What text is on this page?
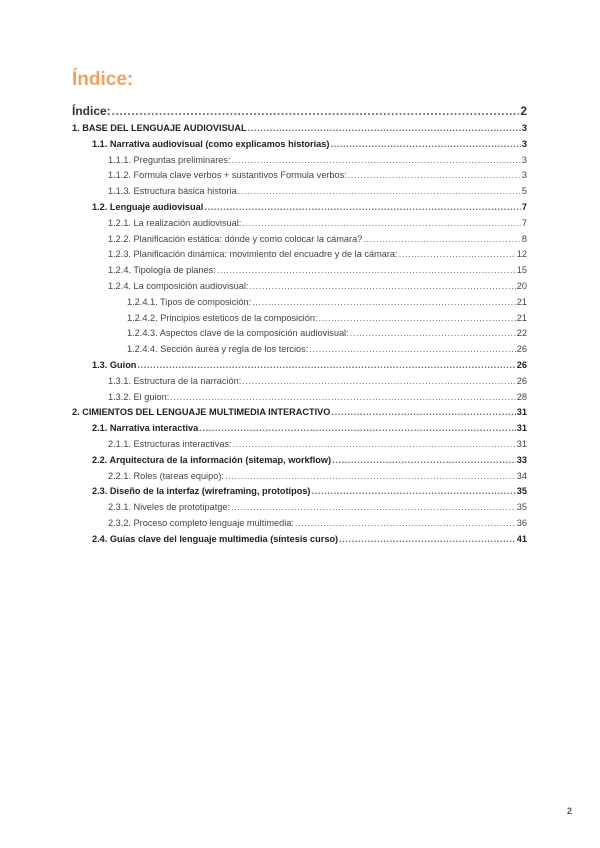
Índice:
Índice: .....	2
1. BASE DEL LENGUAJE AUDIOVISUAL .....	3
1.1. Narrativa audiovisual (como explicamos historias) .....	3
1.1.1. Preguntas preliminares: .....	3
1.1.2. Formula clave verbos + sustantivos Formula verbos: .....	3
1.1.3. Estructura básica historia .....	5
1.2. Lenguaje audiovisual .....	7
1.2.1. La realización audiovisual: .....	7
1.2.2. Planificación estática: dónde y como colocar la cámara? .....	8
1.2.3. Planificación dinámica: movimiento del encuadre y de la cámara: .....	12
1.2.4. Tipología de planes: .....	15
1.2.4. La composición audiovisual: .....	20
1.2.4.1. Tipos de composición: .....	21
1.2.4.2. Principios esteticos de la composición: .....	21
1.2.4.3. Aspectos clave de la composición audiovisual: .....	22
1.2.4.4. Sección áurea y regla de los tercios: .....	26
1.3. Guion .....	26
1.3.1. Estructura de la narración: .....	26
1.3.2. El guion: .....	28
2. CIMIENTOS DEL LENGUAJE MULTIMEDIA INTERACTIVO .....	31
2.1. Narrativa interactiva .....	31
2.1.1. Estructuras interactivas: .....	31
2.2. Arquitectura de la información (sitemap, workflow) .....	33
2.2.1. Roles (tareas equipo): .....	34
2.3. Diseño de la interfaz (wireframing, prototipos) .....	35
2.3.1. Niveles de prototipatge: .....	35
2.3.2. Proceso completo lenguaje multimedia: .....	36
2.4. Guías clave del lenguaje multimedia (síntesis curso) .....	41
2
